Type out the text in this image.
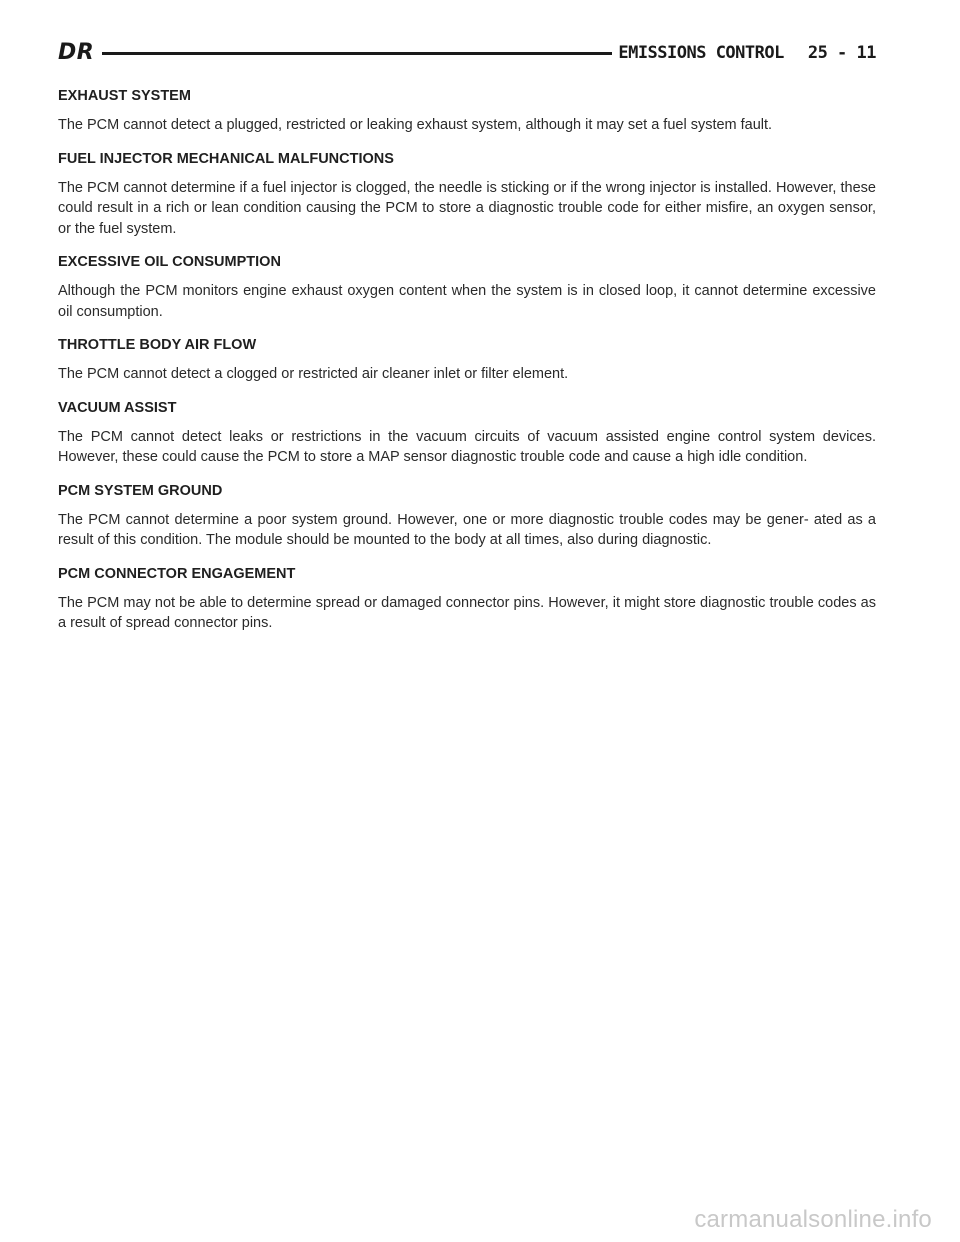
DR	EMISSIONS CONTROL 25 - 11
EXHAUST SYSTEM

The PCM cannot detect a plugged, restricted or leaking exhaust system, although it may set a fuel system fault.

FUEL INJECTOR MECHANICAL MALFUNCTIONS

The PCM cannot determine if a fuel injector is clogged, the needle is sticking or if the wrong injector is installed. However, these could result in a rich or lean condition causing the PCM to store a diagnostic trouble code for either misfire, an oxygen sensor, or the fuel system.

EXCESSIVE OIL CONSUMPTION

Although the PCM monitors engine exhaust oxygen content when the system is in closed loop, it cannot determine excessive oil consumption.

THROTTLE BODY AIR FLOW

The PCM cannot detect a clogged or restricted air cleaner inlet or filter element.

VACUUM ASSIST

The PCM cannot detect leaks or restrictions in the vacuum circuits of vacuum assisted engine control system devices. However, these could cause the PCM to store a MAP sensor diagnostic trouble code and cause a high idle condition.

PCM SYSTEM GROUND

The PCM cannot determine a poor system ground. However, one or more diagnostic trouble codes may be gener- ated as a result of this condition. The module should be mounted to the body at all times, also during diagnostic.

PCM CONNECTOR ENGAGEMENT

The PCM may not be able to determine spread or damaged connector pins. However, it might store diagnostic trouble codes as a result of spread connector pins.

carmanualsonline.info
